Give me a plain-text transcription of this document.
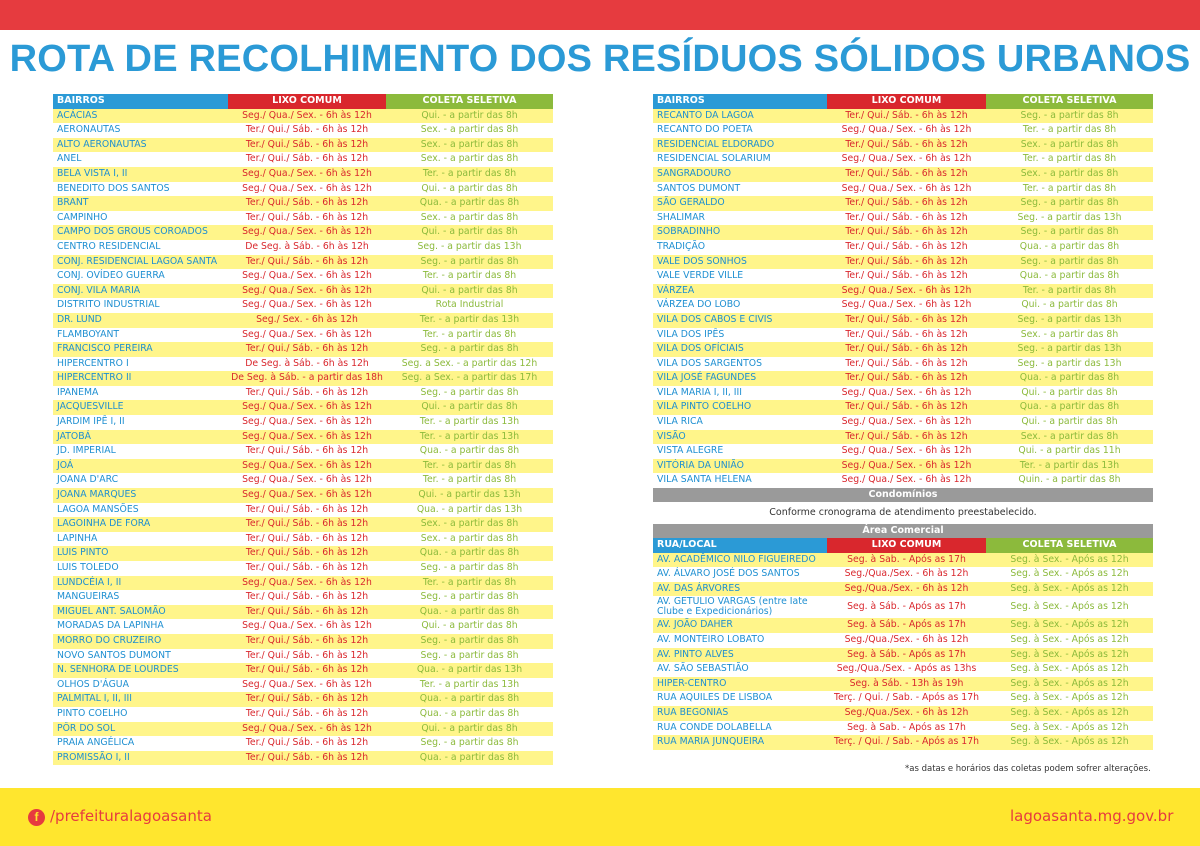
ROTA DE RECOLHIMENTO DOS RESÍDUOS SÓLIDOS URBANOS
BAIRROS	LIXO COMUM	COLETA SELETIVA
ACÁCIAS	Seg./ Qua./ Sex. - 6h às 12h	Qui. - a partir das 8h
AERONAUTAS	Ter./ Qui./ Sáb. - 6h às 12h	Sex. - a partir das 8h
ALTO AERONAUTAS	Ter./ Qui./ Sáb. - 6h às 12h	Sex. - a partir das 8h
ANEL	Ter./ Qui./ Sáb. - 6h às 12h	Sex. - a partir das 8h
BELA VISTA I, II	Seg./ Qua./ Sex. - 6h às 12h	Ter. - a partir das 8h
BENEDITO DOS SANTOS	Seg./ Qua./ Sex. - 6h às 12h	Qui. - a partir das 8h
BRANT	Ter./ Qui./ Sáb. - 6h às 12h	Qua. - a partir das 8h
CAMPINHO	Ter./ Qui./ Sáb. - 6h às 12h	Sex. - a partir das 8h
CAMPO DOS GROUS COROADOS	Seg./ Qua./ Sex. - 6h às 12h	Qui. - a partir das 8h
CENTRO RESIDENCIAL	De Seg. à Sáb. - 6h às 12h	Seg. - a partir das 13h
CONJ. RESIDENCIAL LAGOA SANTA	Ter./ Qui./ Sáb. - 6h às 12h	Seg. - a partir das 8h
CONJ. OVÍDEO GUERRA	Seg./ Qua./ Sex. - 6h às 12h	Ter. - a partir das 8h
CONJ. VILA MARIA	Seg./ Qua./ Sex. - 6h às 12h	Qui. - a partir das 8h
DISTRITO INDUSTRIAL	Seg./ Qua./ Sex. - 6h às 12h	Rota Industrial
DR. LUND	Seg./ Sex. - 6h às 12h	Ter. - a partir das 13h
FLAMBOYANT	Seg./ Qua./ Sex. - 6h às 12h	Ter. - a partir das 8h
FRANCISCO PEREIRA	Ter./ Qui./ Sáb. - 6h às 12h	Seg. - a partir das 8h
HIPERCENTRO I	De Seg. à Sáb. - 6h às 12h	Seg. a Sex. - a partir das 12h
HIPERCENTRO II	De Seg. à Sáb. - a partir das 18h	Seg. a Sex. - a partir das 17h
IPANEMA	Ter./ Qui./ Sáb. - 6h às 12h	Seg. - a partir das 8h
JACQUESVILLE	Seg./ Qua./ Sex. - 6h às 12h	Qui. - a partir das 8h
JARDIM IPÊ I, II	Seg./ Qua./ Sex. - 6h às 12h	Ter. - a partir das 13h
JATOBÁ	Seg./ Qua./ Sex. - 6h às 12h	Ter. - a partir das 13h
JD. IMPERIAL	Ter./ Qui./ Sáb. - 6h às 12h	Qua. - a partir das 8h
JOÁ	Seg./ Qua./ Sex. - 6h às 12h	Ter. - a partir das 8h
JOANA D'ARC	Seg./ Qua./ Sex. - 6h às 12h	Ter. - a partir das 8h
JOANA MARQUES	Seg./ Qua./ Sex. - 6h às 12h	Qui. - a partir das 13h
LAGOA MANSÕES	Ter./ Qui./ Sáb. - 6h às 12h	Qua. - a partir das 13h
LAGOINHA DE FORA	Ter./ Qui./ Sáb. - 6h às 12h	Sex. - a partir das 8h
LAPINHA	Ter./ Qui./ Sáb. - 6h às 12h	Sex. - a partir das 8h
LUIS PINTO	Ter./ Qui./ Sáb. - 6h às 12h	Qua. - a partir das 8h
LUIS TOLEDO	Ter./ Qui./ Sáb. - 6h às 12h	Seg. - a partir das 8h
LUNDCÉIA I, II	Seg./ Qua./ Sex. - 6h às 12h	Ter. - a partir das 8h
MANGUEIRAS	Ter./ Qui./ Sáb. - 6h às 12h	Seg. - a partir das 8h
MIGUEL ANT. SALOMÃO	Ter./ Qui./ Sáb. - 6h às 12h	Qua. - a partir das 8h
MORADAS DA LAPINHA	Seg./ Qua./ Sex. - 6h às 12h	Qui. - a partir das 8h
MORRO DO CRUZEIRO	Ter./ Qui./ Sáb. - 6h às 12h	Seg. - a partir das 8h
NOVO SANTOS DUMONT	Ter./ Qui./ Sáb. - 6h às 12h	Seg. - a partir das 8h
N. SENHORA DE LOURDES	Ter./ Qui./ Sáb. - 6h às 12h	Qua. - a partir das 13h
OLHOS D'ÁGUA	Seg./ Qua./ Sex. - 6h às 12h	Ter. - a partir das 13h
PALMITAL I, II, III	Ter./ Qui./ Sáb. - 6h às 12h	Qua. - a partir das 8h
PINTO COELHO	Ter./ Qui./ Sáb. - 6h às 12h	Qua. - a partir das 8h
PÔR DO SOL	Seg./ Qua./ Sex. - 6h às 12h	Qui. - a partir das 8h
PRAIA ANGÉLICA	Ter./ Qui./ Sáb. - 6h às 12h	Seg. - a partir das 8h
PROMISSÃO I, II	Ter./ Qui./ Sáb. - 6h às 12h	Qua. - a partir das 8h
BAIRROS	LIXO COMUM	COLETA SELETIVA
RECANTO DA LAGOA	Ter./ Qui./ Sáb. - 6h às 12h	Seg. - a partir das 8h
RECANTO DO POETA	Seg./ Qua./ Sex. - 6h às 12h	Ter. - a partir das 8h
RESIDENCIAL ELDORADO	Ter./ Qui./ Sáb. - 6h às 12h	Sex. - a partir das 8h
RESIDENCIAL SOLARIUM	Seg./ Qua./ Sex. - 6h às 12h	Ter. - a partir das 8h
SANGRADOURO	Ter./ Qui./ Sáb. - 6h às 12h	Sex. - a partir das 8h
SANTOS DUMONT	Seg./ Qua./ Sex. - 6h às 12h	Ter. - a partir das 8h
SÃO GERALDO	Ter./ Qui./ Sáb. - 6h às 12h	Seg. - a partir das 8h
SHALIMAR	Ter./ Qui./ Sáb. - 6h às 12h	Seg. - a partir das 13h
SOBRADINHO	Ter./ Qui./ Sáb. - 6h às 12h	Seg. - a partir das 8h
TRADIÇÃO	Ter./ Qui./ Sáb. - 6h às 12h	Qua. - a partir das 8h
VALE DOS SONHOS	Ter./ Qui./ Sáb. - 6h às 12h	Seg. - a partir das 8h
VALE VERDE VILLE	Ter./ Qui./ Sáb. - 6h às 12h	Qua. - a partir das 8h
VÁRZEA	Seg./ Qua./ Sex. - 6h às 12h	Ter. - a partir das 8h
VÁRZEA DO LOBO	Seg./ Qua./ Sex. - 6h às 12h	Qui. - a partir das 8h
VILA DOS CABOS E CIVIS	Ter./ Qui./ Sáb. - 6h às 12h	Seg. - a partir das 13h
VILA DOS IPÊS	Ter./ Qui./ Sáb. - 6h às 12h	Sex. - a partir das 8h
VILA DOS OFÍCIAIS	Ter./ Qui./ Sáb. - 6h às 12h	Seg. - a partir das 13h
VILA DOS SARGENTOS	Ter./ Qui./ Sáb. - 6h às 12h	Seg. - a partir das 13h
VILA JOSÉ FAGUNDES	Ter./ Qui./ Sáb. - 6h às 12h	Qua. - a partir das 8h
VILA MARIA I, II, III	Seg./ Qua./ Sex. - 6h às 12h	Qui. - a partir das 8h
VILA PINTO COELHO	Ter./ Qui./ Sáb. - 6h às 12h	Qua. - a partir das 8h
VILA RICA	Seg./ Qua./ Sex. - 6h às 12h	Qui. - a partir das 8h
VISÃO	Ter./ Qui./ Sáb. - 6h às 12h	Sex. - a partir das 8h
VISTA ALEGRE	Seg./ Qua./ Sex. - 6h às 12h	Qui. - a partir das 11h
VITÓRIA DA UNIÃO	Seg./ Qua./ Sex. - 6h às 12h	Ter. - a partir das 13h
VILA SANTA HELENA	Seg./ Qua./ Sex. - 6h às 12h	Quin. - a partir das 8h
Condomínios		
Conforme cronograma de atendimento preestabelecido.		
Área Comercial		
RUA/LOCAL	LIXO COMUM	COLETA SELETIVA
AV. ACADÊMICO NILO FIGUEIREDO	Seg. à Sab. - Após as 17h	Seg. à Sex. - Após as 12h
AV. ÁLVARO JOSÉ DOS SANTOS	Seg./Qua./Sex. - 6h às 12h	Seg. à Sex. - Após as 12h
AV. DAS ÁRVORES	Seg./Qua./Sex. - 6h às 12h	Seg. à Sex. - Após as 12h
AV. GETÚLIO VARGAS (entre Iate Clube e Expedicionários)	Seg. à Sáb. - Após as 17h	Seg. à Sex. - Após as 12h
AV. JOÃO DAHER	Seg. à Sáb. - Após as 17h	Seg. à Sex. - Após as 12h
AV. MONTEIRO LOBATO	Seg./Qua./Sex. - 6h às 12h	Seg. à Sex. - Após as 12h
AV. PINTO ALVES	Seg. à Sáb. - Após as 17h	Seg. à Sex. - Após as 12h
AV. SÃO SEBASTIÃO	Seg./Qua./Sex. - Após as 13hs	Seg. à Sex. - Após as 12h
HIPER-CENTRO	Seg. à Sáb. - 13h às 19h	Seg. à Sex. - Após as 12h
RUA AQUILES DE LISBOA	Terç. / Qui. / Sab. - Após as 17h	Seg. à Sex. - Após as 12h
RUA BEGONIAS	Seg./Qua./Sex. - 6h às 12h	Seg. à Sex. - Após as 12h
RUA CONDE DOLABELLA	Seg. à Sab. - Após as 17h	Seg. à Sex. - Após as 12h
RUA MARIA JUNQUEIRA	Terç. / Qui. / Sab. - Após as 17h	Seg. à Sex. - Após as 12h
*as datas e horários das coletas podem sofrer alterações.
f /prefeituralagoasanta	lagoasanta.mg.gov.br
